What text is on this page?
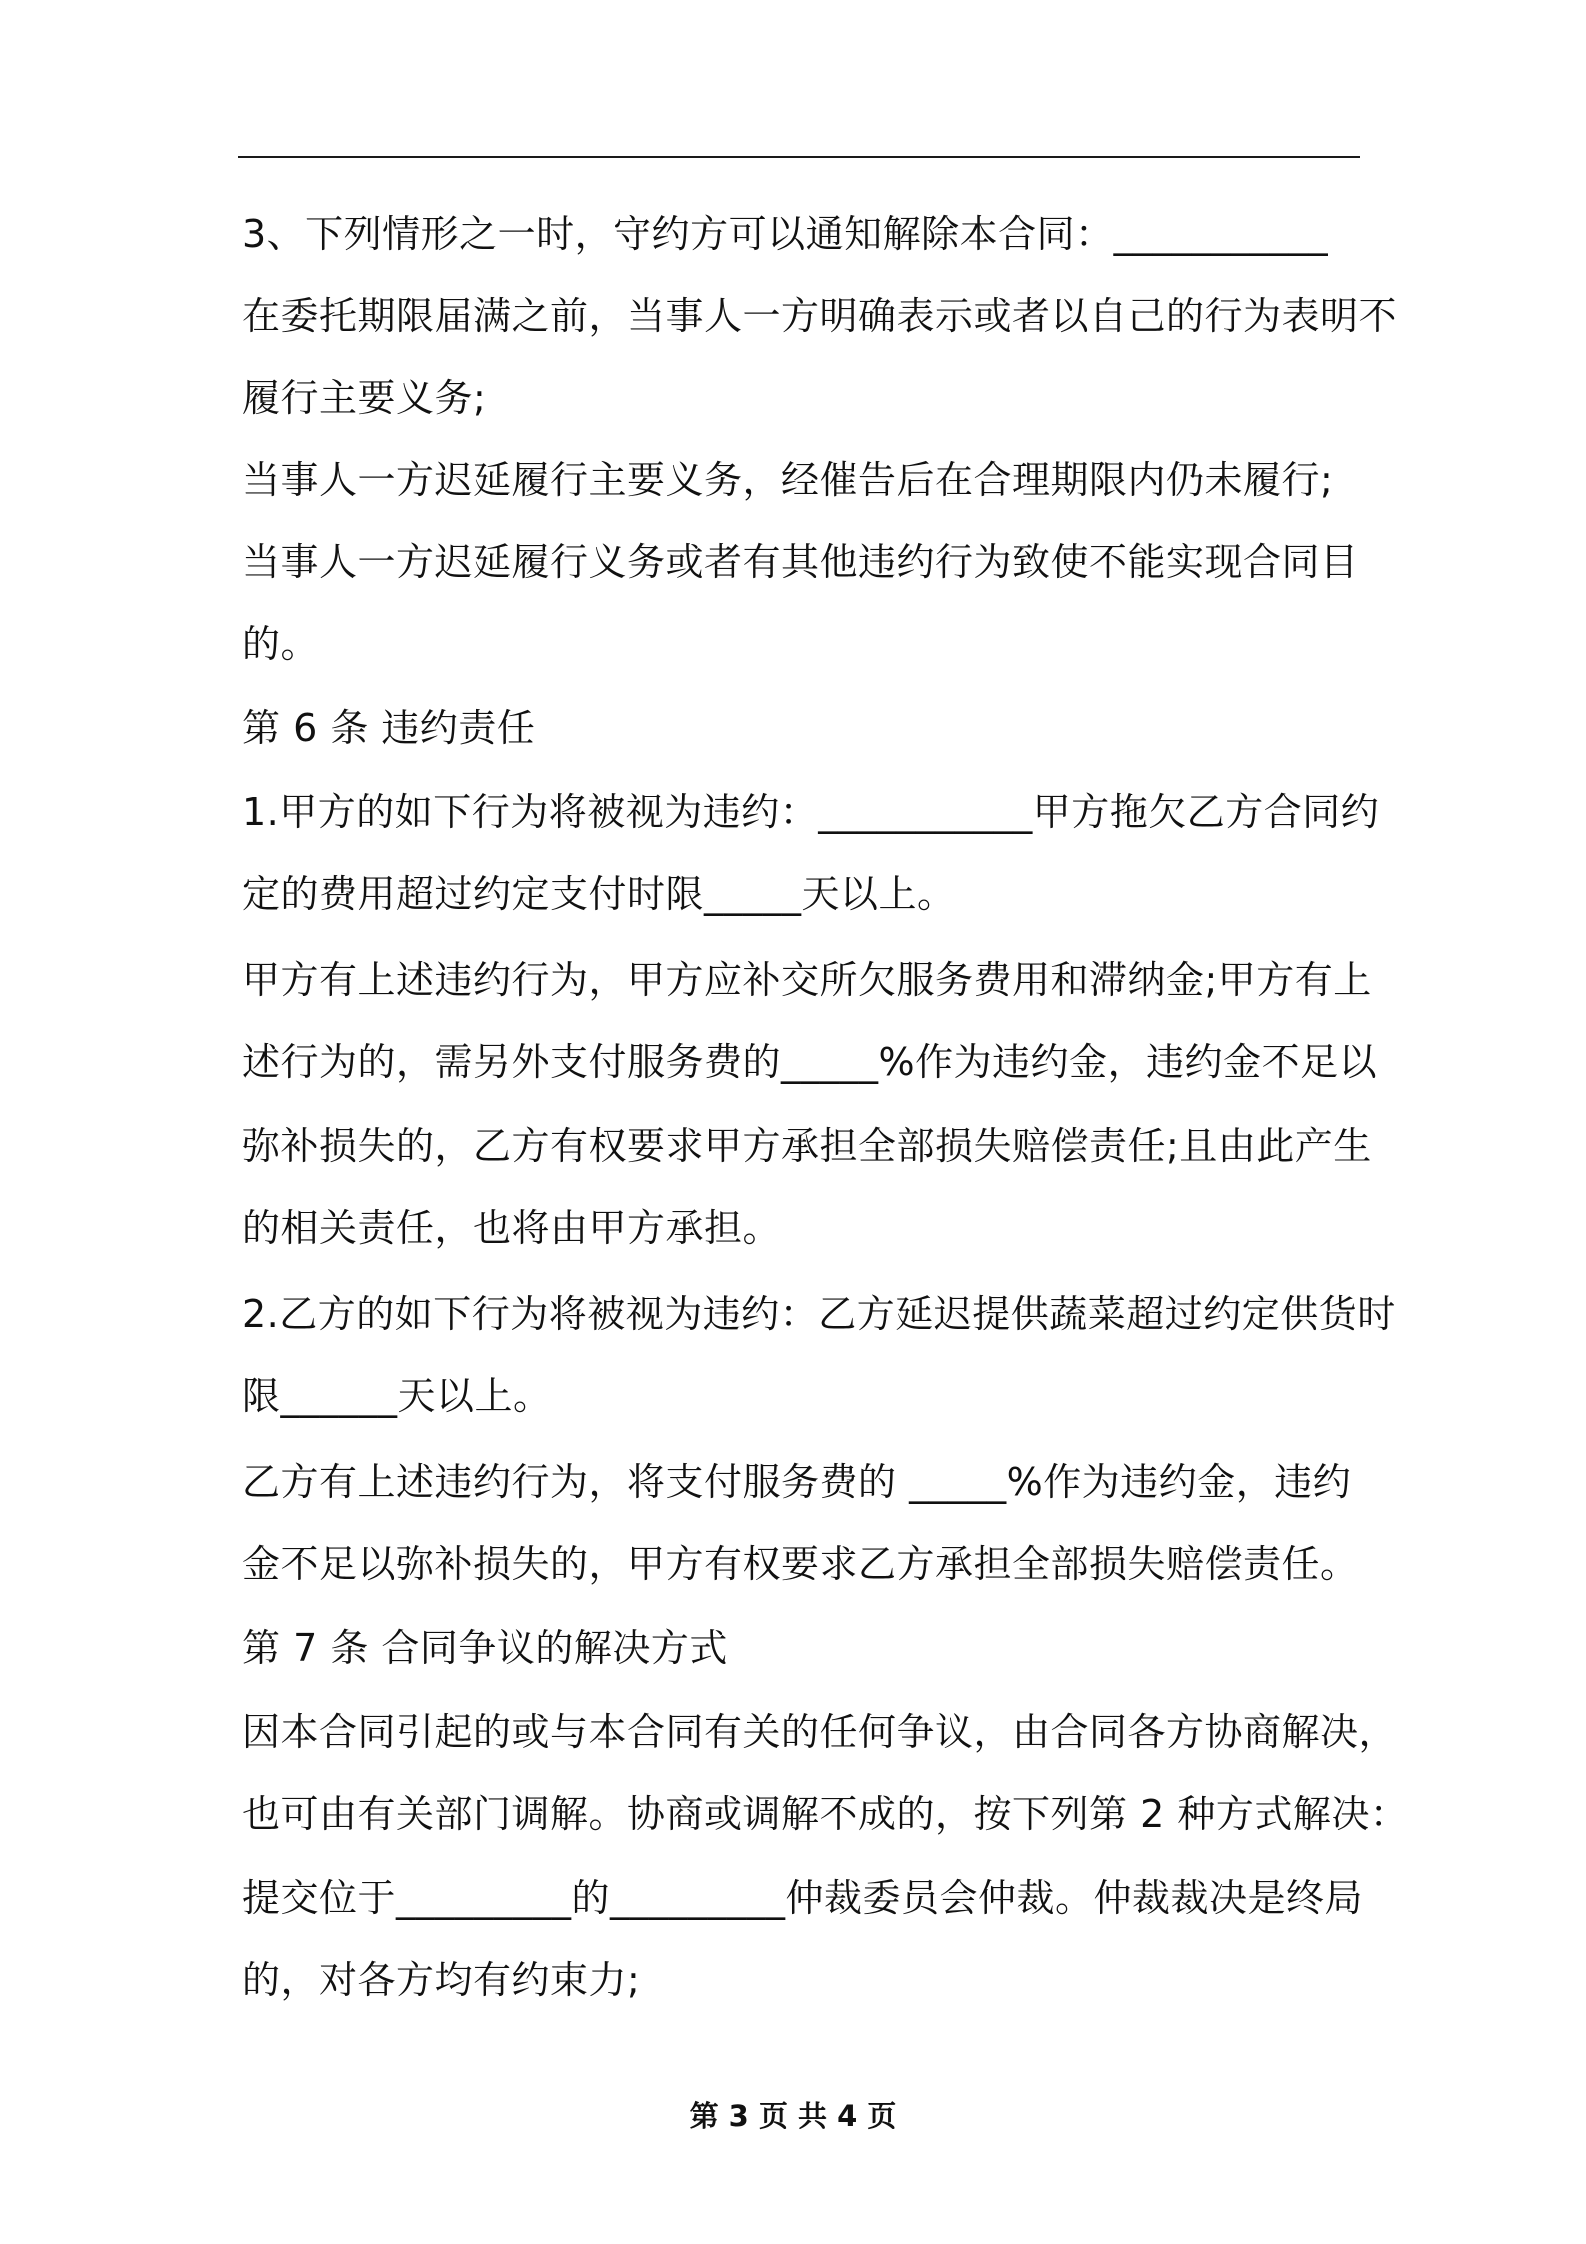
3、下列情形之一时，守约方可以通知解除本合同：___________
在委托期限届满之前，当事人一方明确表示或者以自己的行为表明不
履行主要义务;
当事人一方迟延履行主要义务，经催告后在合理期限内仍未履行;
当事人一方迟延履行义务或者有其他违约行为致使不能实现合同目
的。
第 6 条 违约责任
1.甲方的如下行为将被视为违约：___________甲方拖欠乙方合同约
定的费用超过约定支付时限_____天以上。
甲方有上述违约行为，甲方应补交所欠服务费用和滞纳金;甲方有上
述行为的，需另外支付服务费的_____%作为违约金，违约金不足以
弥补损失的，乙方有权要求甲方承担全部损失赔偿责任;且由此产生
的相关责任，也将由甲方承担。
2.乙方的如下行为将被视为违约：乙方延迟提供蔬菜超过约定供货时
限______天以上。
乙方有上述违约行为，将支付服务费的 _____%作为违约金，违约
金不足以弥补损失的，甲方有权要求乙方承担全部损失赔偿责任。
第 7 条 合同争议的解决方式
因本合同引起的或与本合同有关的任何争议，由合同各方协商解决，
也可由有关部门调解。协商或调解不成的，按下列第 2 种方式解决：
提交位于_________的_________仲裁委员会仲裁。仲裁裁决是终局
的，对各方均有约束力;
第 3 页 共 4 页
